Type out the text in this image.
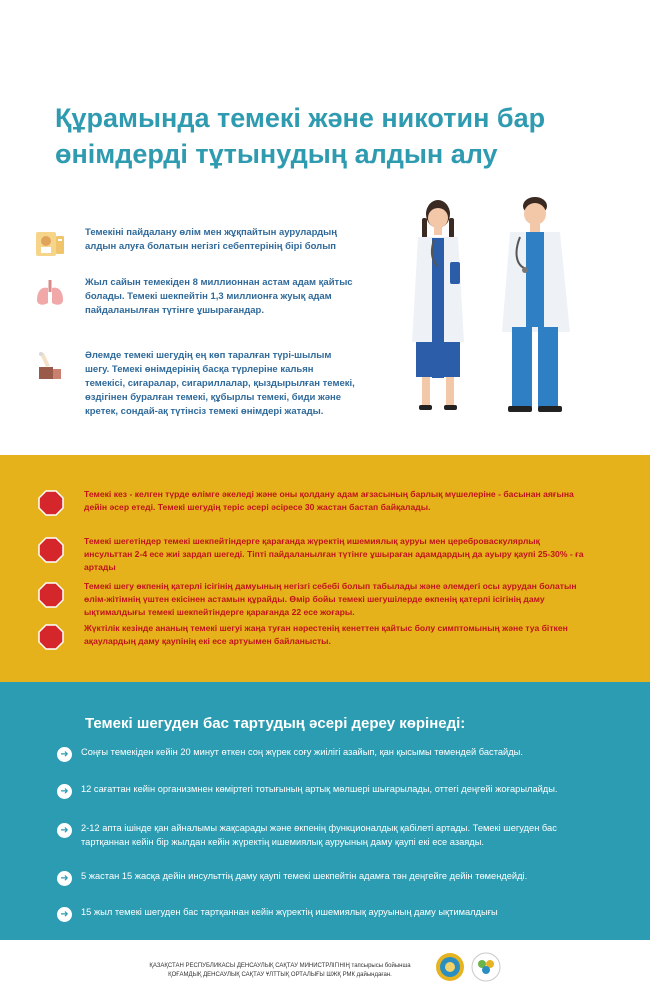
Құрамында темекі және никотин бар өнімдерді тұтынудың алдын алу
Темекіні пайдалану өлім мен жұқпайтын аурулардың алдын алуға болатын негізгі себептерінің бірі болып
Жыл сайын темекіден 8 миллионнан астам адам қайтыс болады. Темекі шекпейтін 1,3 миллионға жуық адам пайдаланылған түтінге ұшырағандар.
Әлемде темекі шегудің ең көп таралған түрі-шылым шегу. Темекі өнімдерінің басқа түрлеріне кальян темекісі, сигаралар, сигариллалар, қыздырылған темекі, өздігінен буралған темекі, құбырлы темекі, биди және кретек, сондай-ақ түтінсіз темекі өнімдері жатады.
Темекі кез - келген түрде өлімге әкеледі және оны қолдану адам ағзасының барлық мүшелеріне - басынан аяғына дейін әсер етеді. Темекі шегудің теріс әсері әсіресе 30 жастан бастап байқалады.
Темекі шегетіндер темекі шекпейтіндерге қарағанда жүректің ишемиялық ауруы мен цереброваскулярлық инсульттан 2-4 есе жиі зардап шегеді. Тіпті пайдаланылған түтінге ұшыраған адамдардың да ауыру қаупі 25-30% - ға артады
Темекі шегу өкпенің қатерлі ісігінің дамуының негізгі себебі болып табылады және әлемдегі осы аурудан болатын өлім-жітімнің үштен екісінен астамын құрайды. Өмір бойы темекі шегушілерде өкпенің қатерлі ісігінің даму ықтималдығы темекі шекпейтіндерге қарағанда 22 есе жоғары.
Жүктілік кезінде ананың темекі шегуі жаңа туған нәрестенің кенеттен қайтыс болу симптомының және туа біткен ақаулардың даму қаупінің екі есе артуымен байланысты.
Темекі шегуден бас тартудың әсері дереу көрінеді:
➜	Соңғы темекіден кейін 20 минут өткен соң жүрек соғу жиілігі азайып, қан қысымы төмендей бастайды.
➜	12 сағаттан кейін организмнен көміртегі тотығының артық мөлшері шығарылады, оттегі деңгейі жоғарылайды.
➜	2-12 апта ішінде қан айналымы жақсарады және өкпенің функционалдық қабілеті артады. Темекі шегуден бас тартқаннан кейін бір жылдан кейін жүректің ишемиялық ауруының даму қаупі екі есе азаяды.
➜	5 жастан 15 жасқа дейін инсульттің даму қаупі темекі шекпейтін адамға тән деңгейге дейін төмендейді.
➜	15 жыл темекі шегуден бас тартқаннан кейін жүректің ишемиялық ауруының даму ықтималдығы
ҚАЗАҚСТАН РЕСПУБЛИКАСЫ ДЕНСАУЛЫҚ САҚТАУ МИНИСТРЛІГІНІҢ тапсырысы бойынша
ҚОҒАМДЫҚ ДЕНСАУЛЫҚ САҚТАУ ҰЛТТЫҚ ОРТАЛЫҒЫ ШЖҚ РМК дайындаған.
